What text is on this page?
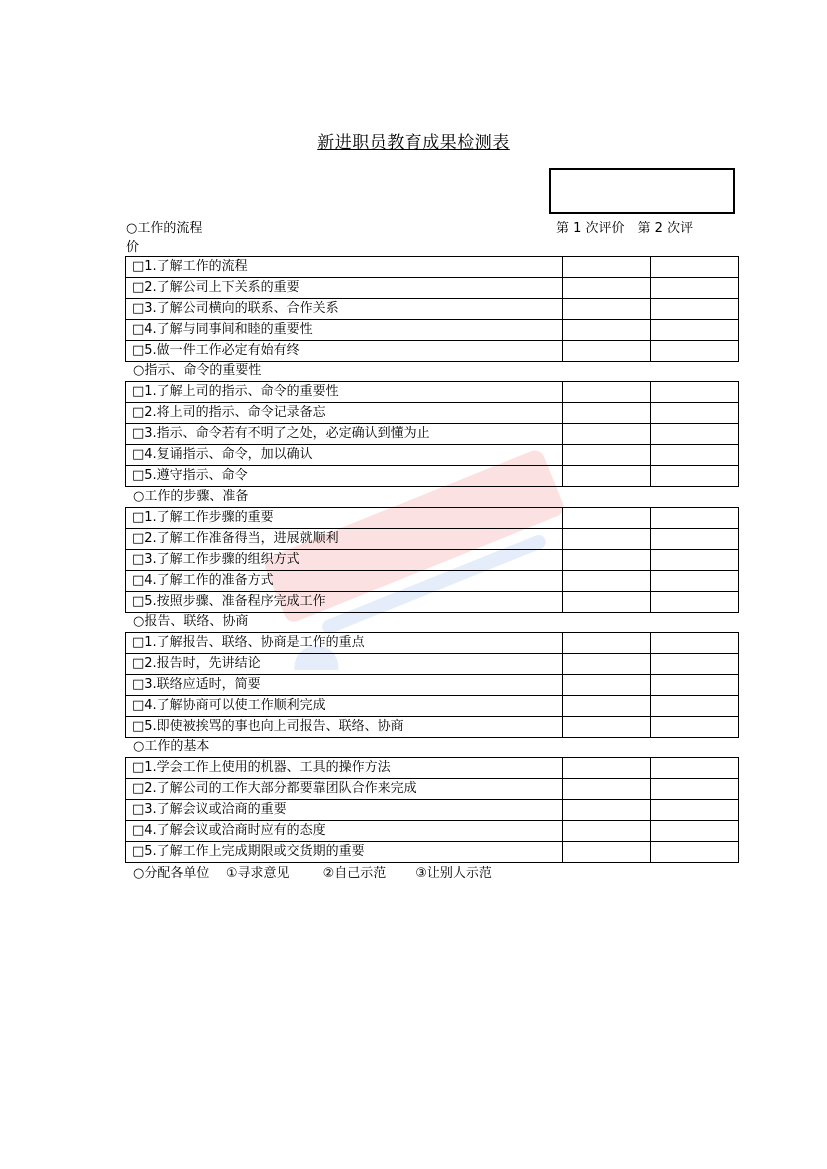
新进职员教育成果检测表
○工作的流程
价
第 1 次评价　第 2 次评
□1.了解工作的流程		
□2.了解公司上下关系的重要		
□3.了解公司横向的联系、合作关系		
□4.了解与同事间和睦的重要性		
□5.做一件工作必定有始有终		
○指示、命令的重要性
□1.了解上司的指示、命令的重要性		
□2.将上司的指示、命令记录备忘		
□3.指示、命令若有不明了之处，必定确认到懂为止		
□4.复诵指示、命令，加以确认		
□5.遵守指示、命令		
○工作的步骤、准备
□1.了解工作步骤的重要		
□2.了解工作准备得当，进展就顺利		
□3.了解工作步骤的组织方式		
□4.了解工作的准备方式		
□5.按照步骤、准备程序完成工作		
○报告、联络、协商
□1.了解报告、联络、协商是工作的重点		
□2.报告时，先讲结论		
□3.联络应适时，简要		
□4.了解协商可以使工作顺利完成		
□5.即使被挨骂的事也向上司报告、联络、协商		
○工作的基本
□1.学会工作上使用的机器、工具的操作方法		
□2.了解公司的工作大部分都要靠团队合作来完成		
□3.了解会议或洽商的重要		
□4.了解会议或洽商时应有的态度		
□5.了解工作上完成期限或交货期的重要		
○分配各单位 ①寻求意见	②自己示范 ③让别人示范
